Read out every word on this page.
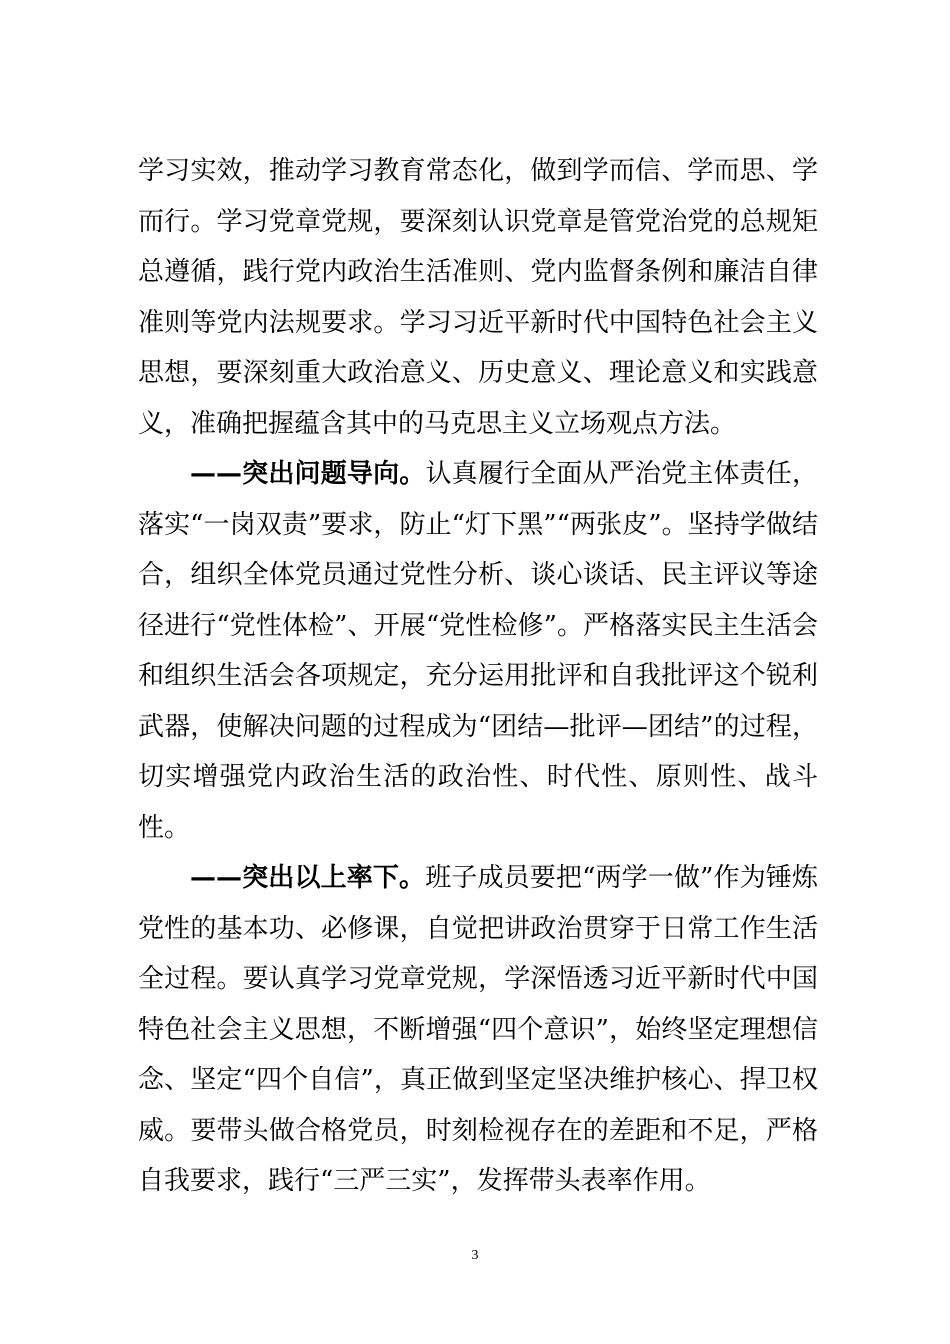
学习实效，推动学习教育常态化，做到学而信、学而思、学而行。学习党章党规，要深刻认识党章是管党治党的总规矩总遵循，践行党内政治生活准则、党内监督条例和廉洁自律准则等党内法规要求。学习习近平新时代中国特色社会主义思想，要深刻重大政治意义、历史意义、理论意义和实践意义，准确把握蕴含其中的马克思主义立场观点方法。

——突出问题导向。认真履行全面从严治党主体责任，落实“一岗双责”要求，防止“灯下黑”“两张皮”。坚持学做结合，组织全体党员通过党性分析、谈心谈话、民主评议等途径进行“党性体检”、开展“党性检修”。严格落实民主生活会和组织生活会各项规定，充分运用批评和自我批评这个锐利武器，使解决问题的过程成为“团结—批评—团结”的过程，切实增强党内政治生活的政治性、时代性、原则性、战斗性。

——突出以上率下。班子成员要把“两学一做”作为锤炼党性的基本功、必修课，自觉把讲政治贯穿于日常工作生活全过程。要认真学习党章党规，学深悟透习近平新时代中国特色社会主义思想，不断增强“四个意识”，始终坚定理想信念、坚定“四个自信”，真正做到坚定坚决维护核心、捍卫权威。要带头做合格党员，时刻检视存在的差距和不足，严格自我要求，践行“三严三实”，发挥带头表率作用。

3
